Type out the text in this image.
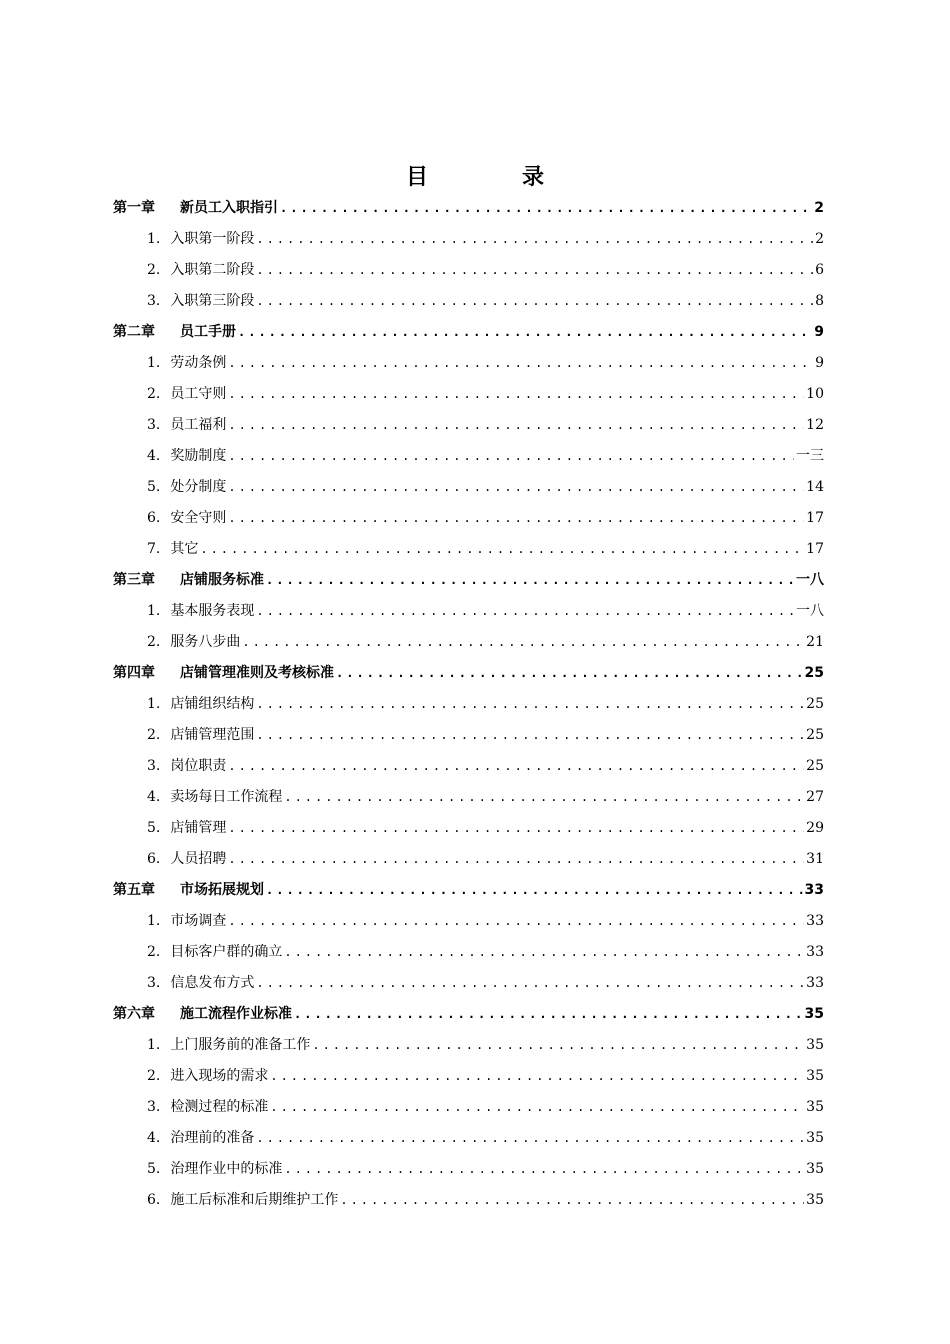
目　录
第一章 新员工入职指引 .....	2
1. 入职第一阶段 .....	2
2. 入职第二阶段 .....	6
3. 入职第三阶段 .....	8
第二章 员工手册 .....	9
1. 劳动条例 .....	9
2. 员工守则 .....	10
3. 员工福利 .....	12
4. 奖励制度 .....	一三
5. 处分制度 .....	14
6. 安全守则 .....	17
7. 其它 .....	17
第三章 店铺服务标准 .....	一八
1. 基本服务表现 .....	一八
2. 服务八步曲 .....	21
第四章 店铺管理准则及考核标准 .....	25
1. 店铺组织结构 .....	25
2. 店铺管理范围 .....	25
3. 岗位职责 .....	25
4. 卖场每日工作流程 .....	27
5. 店铺管理 .....	29
6. 人员招聘 .....	31
第五章 市场拓展规划 .....	33
1. 市场调查 .....	33
2. 目标客户群的确立 .....	33
3. 信息发布方式 .....	33
第六章 施工流程作业标准 .....	35
1. 上门服务前的准备工作 .....	35
2. 进入现场的需求 .....	35
3. 检测过程的标准 .....	35
4. 治理前的准备 .....	35
5. 治理作业中的标准 .....	35
6. 施工后标准和后期维护工作 .....	35
